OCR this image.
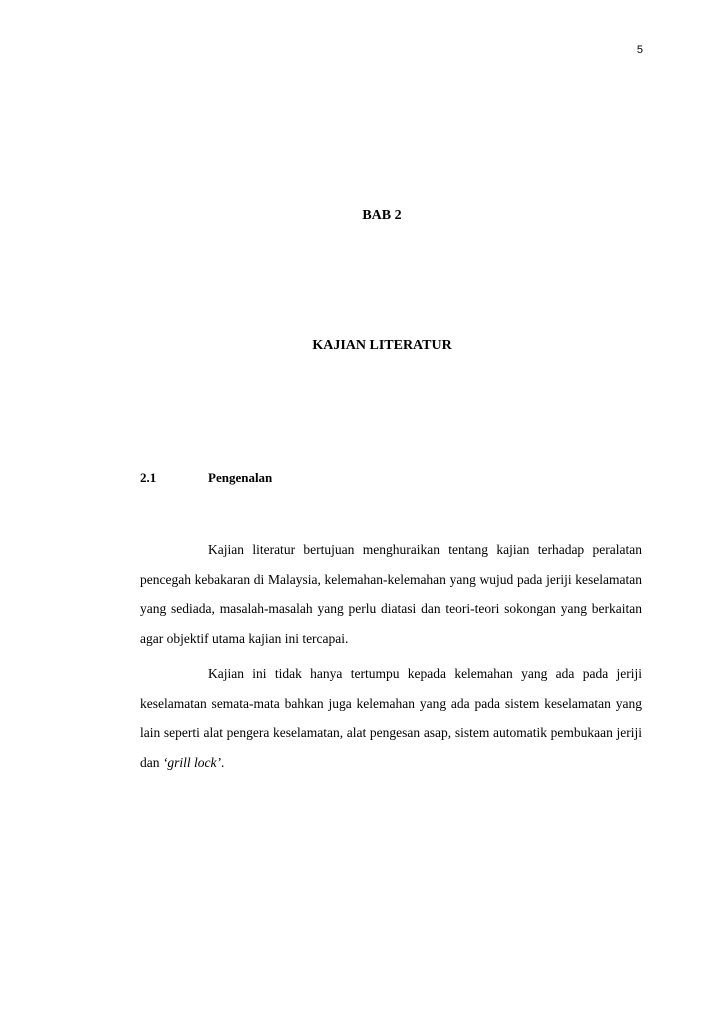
5
BAB 2
KAJIAN LITERATUR
2.1	Pengenalan

Kajian literatur bertujuan menghuraikan tentang kajian terhadap peralatan pencegah kebakaran di Malaysia, kelemahan-kelemahan yang wujud pada jeriji keselamatan yang sediada, masalah-masalah yang perlu diatasi dan teori-teori sokongan yang berkaitan agar objektif utama kajian ini tercapai.

Kajian ini tidak hanya tertumpu kepada kelemahan yang ada pada jeriji keselamatan semata-mata bahkan juga kelemahan yang ada pada sistem keselamatan yang lain seperti alat pengera keselamatan, alat pengesan asap, sistem automatik pembukaan jeriji dan ‘grill lock’.
